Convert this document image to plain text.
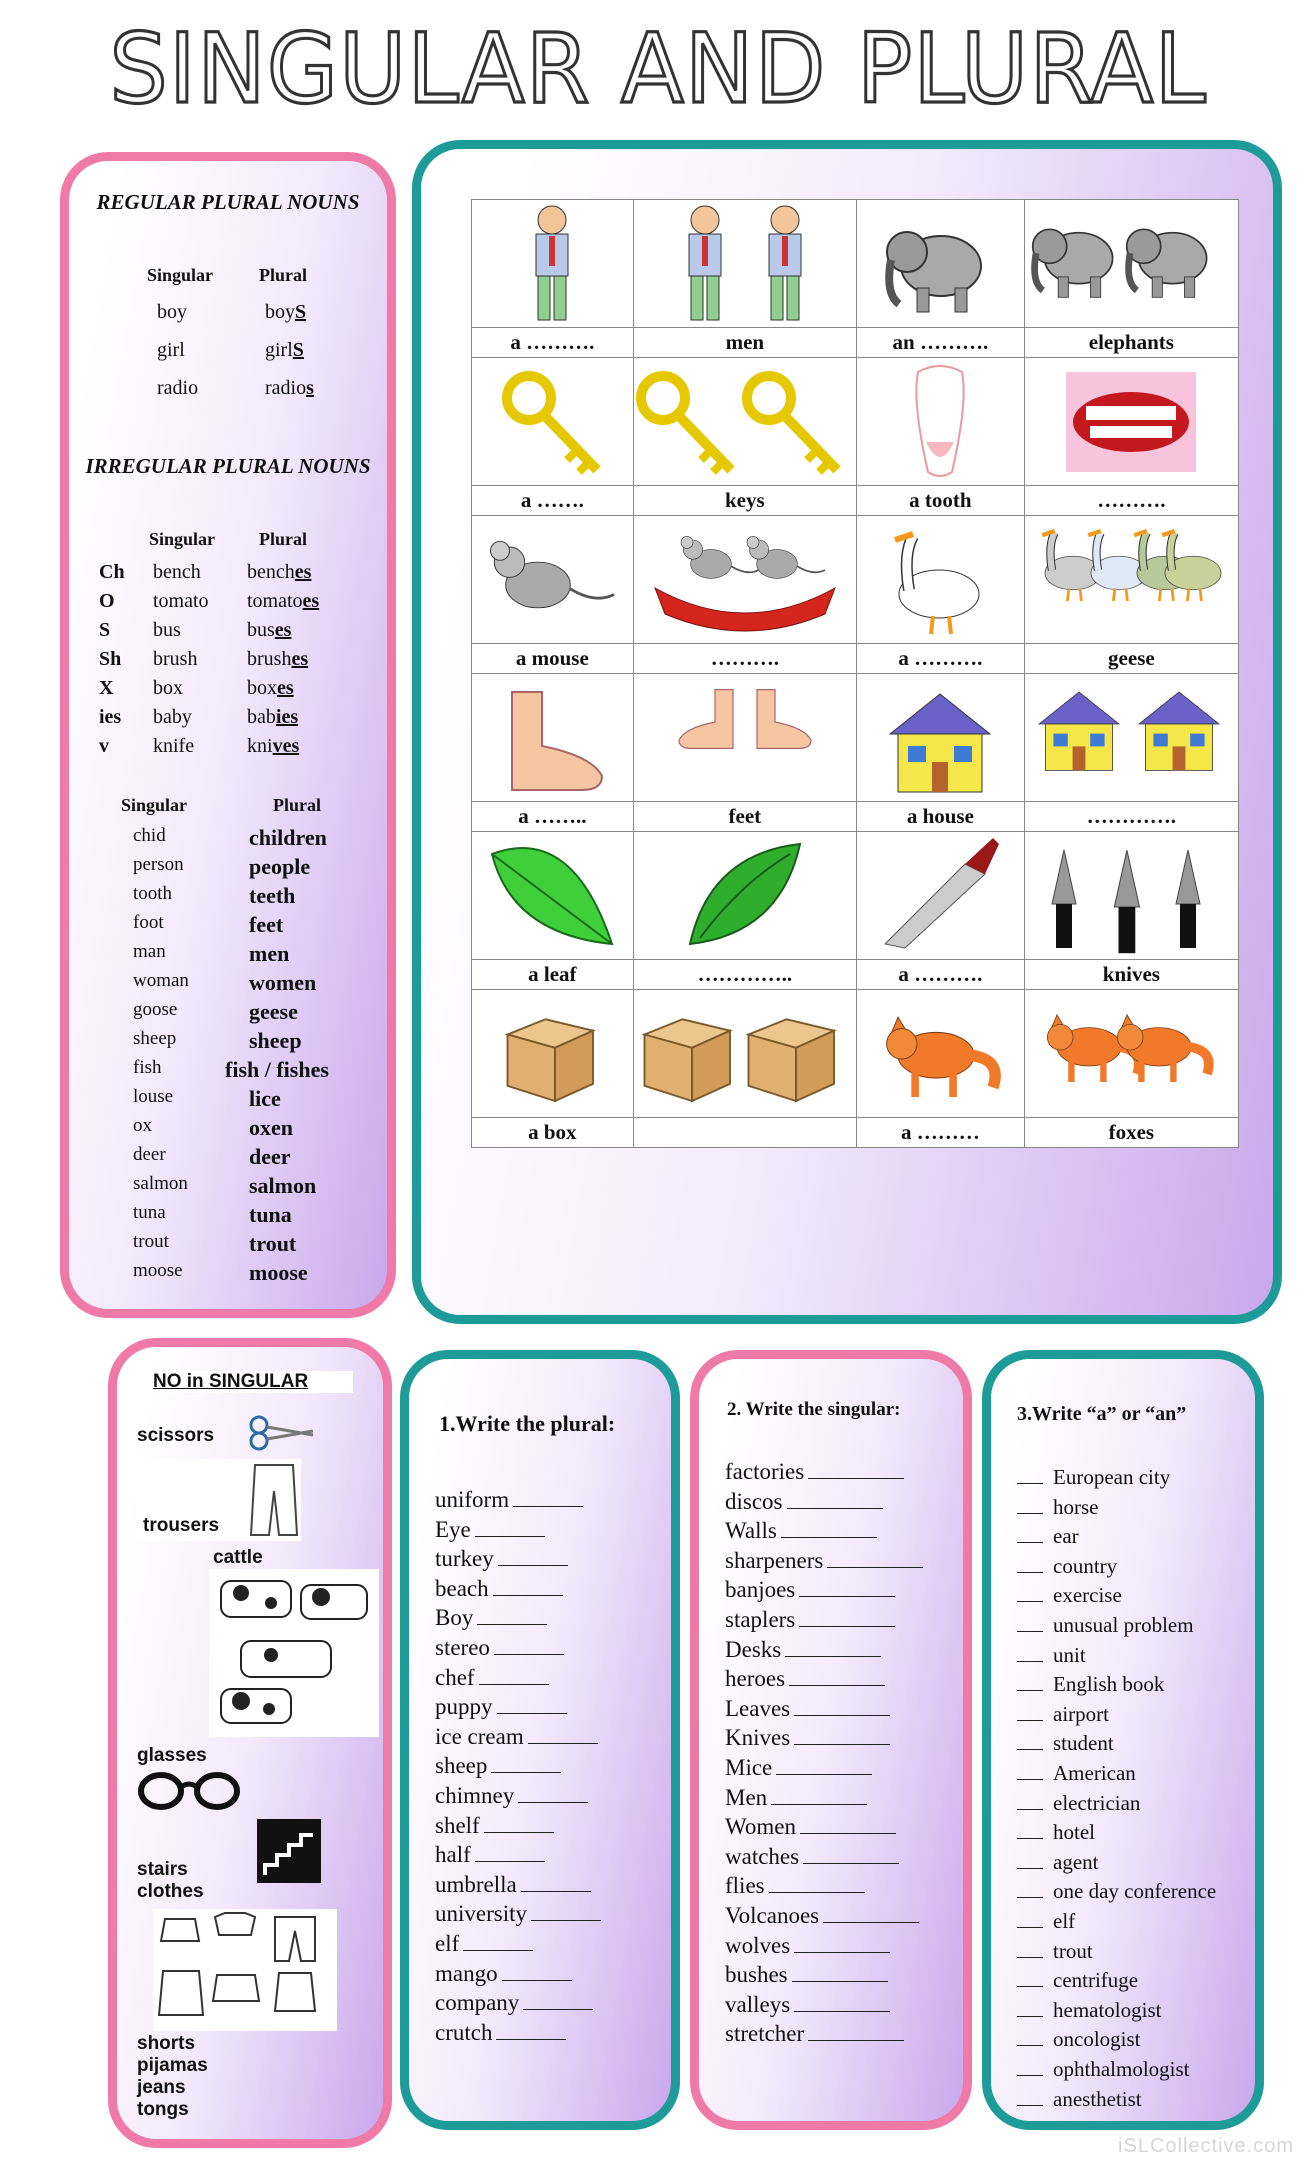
SINGULAR AND PLURAL
REGULAR PLURAL NOUNS
Singular	Plural
boy	boyS
girl	girlS
radio	radios
IRREGULAR PLURAL NOUNS
Singular Plural
Ch bench benches
O tomato tomatoes
S bus	buses
Sh brush brushes
X box	boxes
ies baby	babies
v knife	knives
Singular	Plural
chid	children
person	people
tooth	teeth
foot	feet
man	men
woman	women
goose	geese
sheep	sheep
fish	fish / fishes
louse	lice
ox	oxen
deer	deer
salmon	salmon
tuna	tuna
trout	trout
moose	moose

a ……….	men	an ……….	elephants

a …….	keys	a tooth	……….

a mouse	……….	a ……….	geese

a ……..	feet	a house	………….

a leaf	…………..	a ……….	knives

a box		a ………	foxes
NO in SINGULAR
scissors
trousers
cattle
glasses
stairs
clothes
shorts
pijamas
jeans
tongs
1.Write the plural:
uniform
Eye
turkey
beach
Boy
stereo
chef
puppy
ice cream
sheep
chimney
shelf
half
umbrella
university
elf
mango
company
crutch
2. Write the singular:
factories
discos
Walls
sharpeners
banjoes
staplers
Desks
heroes
Leaves
Knives
Mice
Men
Women
watches
flies
Volcanoes
wolves
bushes
valleys
stretcher
3.Write “a” or “an”
European city
horse
ear
country
exercise
unusual problem
unit
English book
airport
student
American
electrician
hotel
agent
one day conference
elf
trout
centrifuge
hematologist
oncologist
ophthalmologist
anesthetist
iSLCollective.com
